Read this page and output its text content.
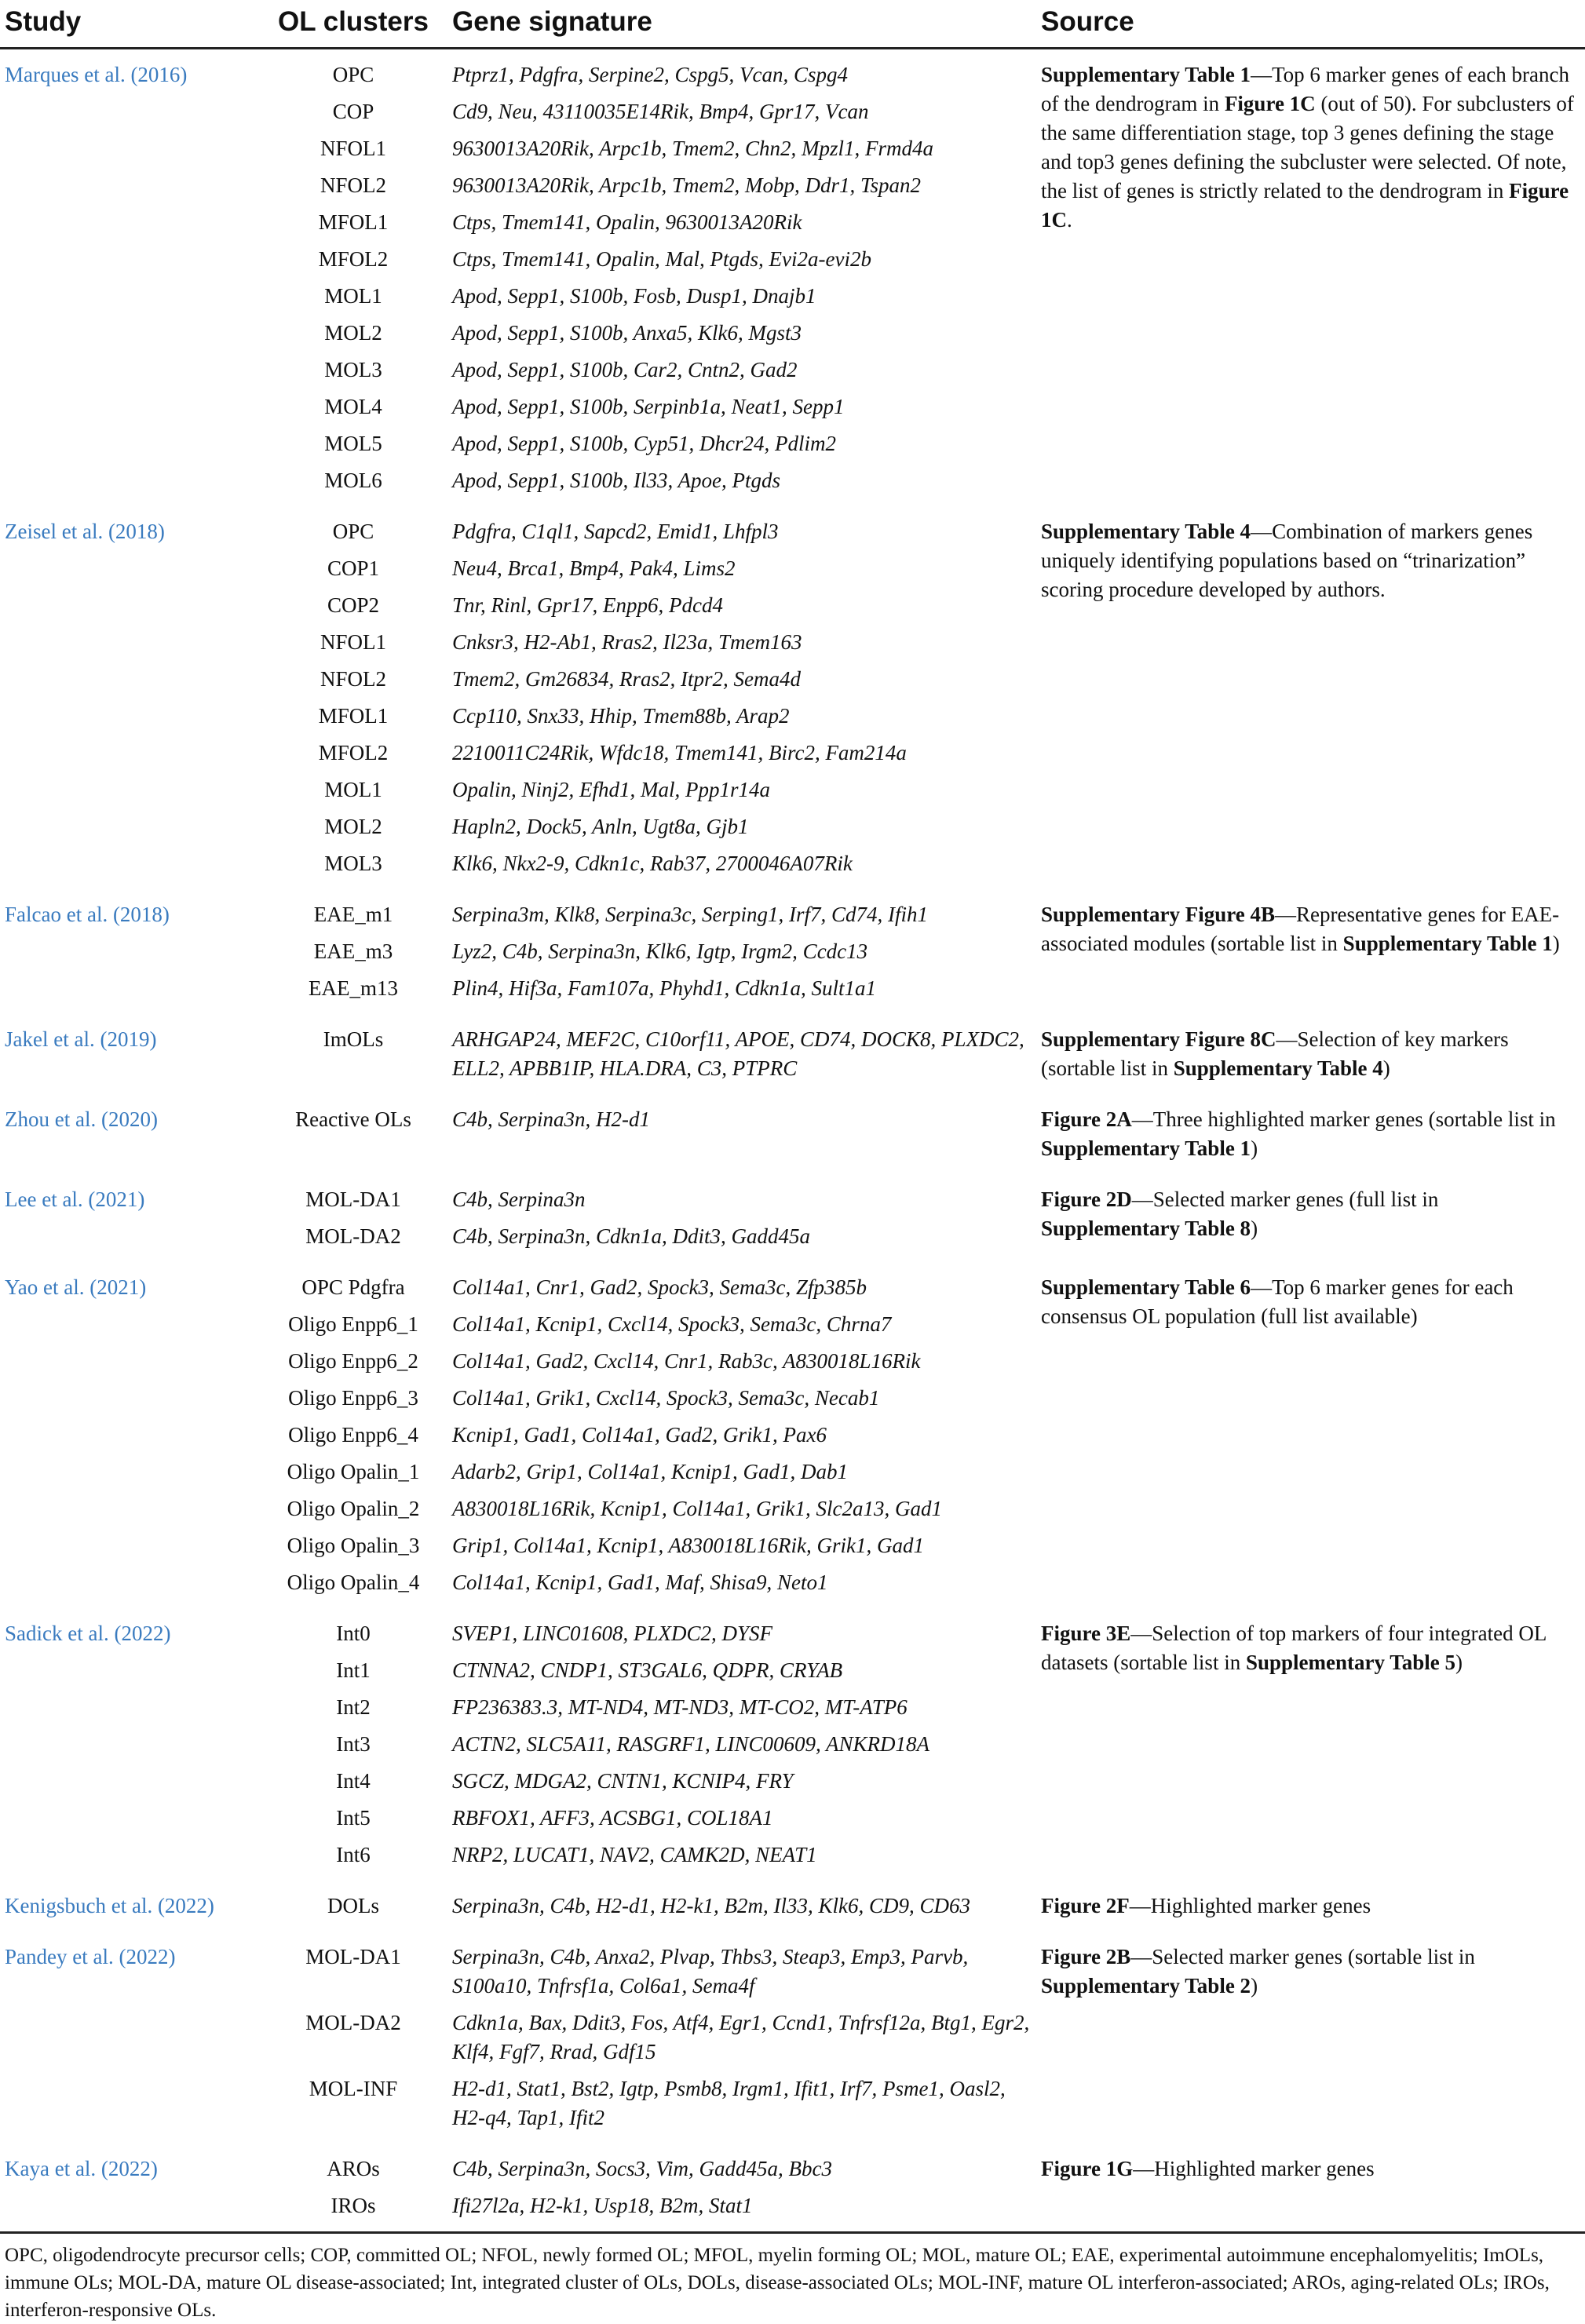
Study	OL clusters	Gene signature	Source
Marques et al. (2016)	OPC	Ptprz1, Pdgfra, Serpine2, Cspg5, Vcan, Cspg4	Supplementary Table 1—Top 6 marker genes of each branch of the dendrogram in Figure 1C (out of 50). For subclusters of the same differentiation stage, top 3 genes defining the stage and top3 genes defining the subcluster were selected. Of note, the list of genes is strictly related to the dendrogram in Figure 1C.
	COP	Cd9, Neu, 43110035E14Rik, Bmp4, Gpr17, Vcan	
	NFOL1	9630013A20Rik, Arpc1b, Tmem2, Chn2, Mpzl1, Frmd4a	
	NFOL2	9630013A20Rik, Arpc1b, Tmem2, Mobp, Ddr1, Tspan2	
	MFOL1	Ctps, Tmem141, Opalin, 9630013A20Rik	
	MFOL2	Ctps, Tmem141, Opalin, Mal, Ptgds, Evi2a-evi2b	
	MOL1	Apod, Sepp1, S100b, Fosb, Dusp1, Dnajb1	
	MOL2	Apod, Sepp1, S100b, Anxa5, Klk6, Mgst3	
	MOL3	Apod, Sepp1, S100b, Car2, Cntn2, Gad2	
	MOL4	Apod, Sepp1, S100b, Serpinb1a, Neat1, Sepp1	
	MOL5	Apod, Sepp1, S100b, Cyp51, Dhcr24, Pdlim2	
	MOL6	Apod, Sepp1, S100b, Il33, Apoe, Ptgds	
Zeisel et al. (2018)	OPC	Pdgfra, C1ql1, Sapcd2, Emid1, Lhfpl3	Supplementary Table 4—Combination of markers genes uniquely identifying populations based on “trinarization” scoring procedure developed by authors.
	COP1	Neu4, Brca1, Bmp4, Pak4, Lims2	
	COP2	Tnr, Rinl, Gpr17, Enpp6, Pdcd4	
	NFOL1	Cnksr3, H2-Ab1, Rras2, Il23a, Tmem163	
	NFOL2	Tmem2, Gm26834, Rras2, Itpr2, Sema4d	
	MFOL1	Ccp110, Snx33, Hhip, Tmem88b, Arap2	
	MFOL2	2210011C24Rik, Wfdc18, Tmem141, Birc2, Fam214a	
	MOL1	Opalin, Ninj2, Efhd1, Mal, Ppp1r14a	
	MOL2	Hapln2, Dock5, Anln, Ugt8a, Gjb1	
	MOL3	Klk6, Nkx2-9, Cdkn1c, Rab37, 2700046A07Rik	
Falcao et al. (2018)	EAE_m1	Serpina3m, Klk8, Serpina3c, Serping1, Irf7, Cd74, Ifih1	Supplementary Figure 4B—Representative genes for EAE-associated modules (sortable list in Supplementary Table 1)
	EAE_m3	Lyz2, C4b, Serpina3n, Klk6, Igtp, Irgm2, Ccdc13	
	EAE_m13	Plin4, Hif3a, Fam107a, Phyhd1, Cdkn1a, Sult1a1	
Jakel et al. (2019)	ImOLs	ARHGAP24, MEF2C, C10orf11, APOE, CD74, DOCK8, PLXDC2, ELL2, APBB1IP, HLA.DRA, C3, PTPRC	Supplementary Figure 8C—Selection of key markers (sortable list in Supplementary Table 4)
Zhou et al. (2020)	Reactive OLs	C4b, Serpina3n, H2-d1	Figure 2A—Three highlighted marker genes (sortable list in Supplementary Table 1)
Lee et al. (2021)	MOL-DA1	C4b, Serpina3n	Figure 2D—Selected marker genes (full list in Supplementary Table 8)
	MOL-DA2	C4b, Serpina3n, Cdkn1a, Ddit3, Gadd45a	
Yao et al. (2021)	OPC Pdgfra	Col14a1, Cnr1, Gad2, Spock3, Sema3c, Zfp385b	Supplementary Table 6—Top 6 marker genes for each consensus OL population (full list available)
	Oligo Enpp6_1	Col14a1, Kcnip1, Cxcl14, Spock3, Sema3c, Chrna7	
	Oligo Enpp6_2	Col14a1, Gad2, Cxcl14, Cnr1, Rab3c, A830018L16Rik	
	Oligo Enpp6_3	Col14a1, Grik1, Cxcl14, Spock3, Sema3c, Necab1	
	Oligo Enpp6_4	Kcnip1, Gad1, Col14a1, Gad2, Grik1, Pax6	
	Oligo Opalin_1	Adarb2, Grip1, Col14a1, Kcnip1, Gad1, Dab1	
	Oligo Opalin_2	A830018L16Rik, Kcnip1, Col14a1, Grik1, Slc2a13, Gad1	
	Oligo Opalin_3	Grip1, Col14a1, Kcnip1, A830018L16Rik, Grik1, Gad1	
	Oligo Opalin_4	Col14a1, Kcnip1, Gad1, Maf, Shisa9, Neto1	
Sadick et al. (2022)	Int0	SVEP1, LINC01608, PLXDC2, DYSF	Figure 3E—Selection of top markers of four integrated OL datasets (sortable list in Supplementary Table 5)
	Int1	CTNNA2, CNDP1, ST3GAL6, QDPR, CRYAB	
	Int2	FP236383.3, MT-ND4, MT-ND3, MT-CO2, MT-ATP6	
	Int3	ACTN2, SLC5A11, RASGRF1, LINC00609, ANKRD18A	
	Int4	SGCZ, MDGA2, CNTN1, KCNIP4, FRY	
	Int5	RBFOX1, AFF3, ACSBG1, COL18A1	
	Int6	NRP2, LUCAT1, NAV2, CAMK2D, NEAT1	
Kenigsbuch et al. (2022)	DOLs	Serpina3n, C4b, H2-d1, H2-k1, B2m, Il33, Klk6, CD9, CD63	Figure 2F—Highlighted marker genes
Pandey et al. (2022)	MOL-DA1	Serpina3n, C4b, Anxa2, Plvap, Thbs3, Steap3, Emp3, Parvb, S100a10, Tnfrsf1a, Col6a1, Sema4f	Figure 2B—Selected marker genes (sortable list in Supplementary Table 2)
	MOL-DA2	Cdkn1a, Bax, Ddit3, Fos, Atf4, Egr1, Ccnd1, Tnfrsf12a, Btg1, Egr2, Klf4, Fgf7, Rrad, Gdf15	
	MOL-INF	H2-d1, Stat1, Bst2, Igtp, Psmb8, Irgm1, Ifit1, Irf7, Psme1, Oasl2, H2-q4, Tap1, Ifit2	
Kaya et al. (2022)	AROs	C4b, Serpina3n, Socs3, Vim, Gadd45a, Bbc3	Figure 1G—Highlighted marker genes
	IROs	Ifi27l2a, H2-k1, Usp18, B2m, Stat1	
OPC, oligodendrocyte precursor cells; COP, committed OL; NFOL, newly formed OL; MFOL, myelin forming OL; MOL, mature OL; EAE, experimental autoimmune encephalomyelitis; ImOLs, immune OLs; MOL-DA, mature OL disease-associated; Int, integrated cluster of OLs, DOLs, disease-associated OLs; MOL-INF, mature OL interferon-associated; AROs, aging-related OLs; IROs, interferon-responsive OLs.
